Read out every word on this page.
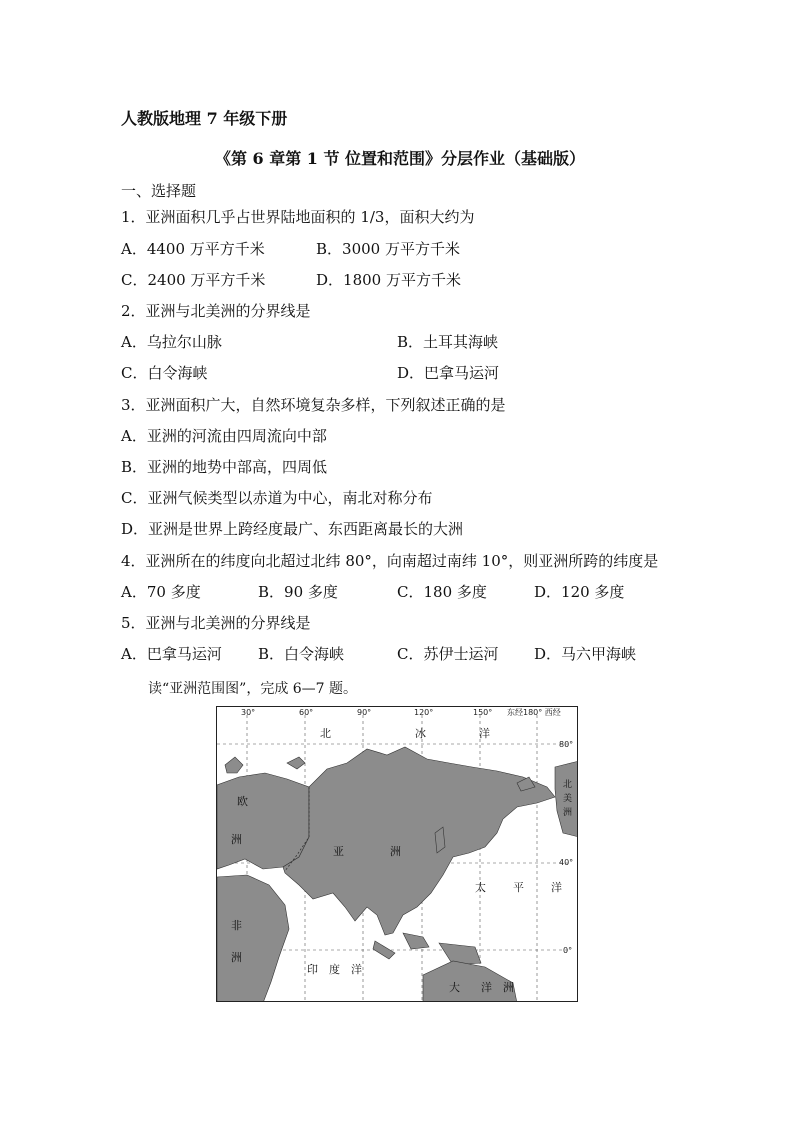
人教版地理 7 年级下册
《第 6 章第 1 节 位置和范围》分层作业（基础版）
一、选择题
1．亚洲面积几乎占世界陆地面积的 1/3，面积大约为
A．4400 万平方千米	B．3000 万平方千米
C．2400 万平方千米	D．1800 万平方千米
2．亚洲与北美洲的分界线是
A．乌拉尔山脉	B．土耳其海峡
C．白令海峡	D．巴拿马运河
3．亚洲面积广大，自然环境复杂多样，下列叙述正确的是
A．亚洲的河流由四周流向中部
B．亚洲的地势中部高，四周低
C．亚洲气候类型以赤道为中心，南北对称分布
D．亚洲是世界上跨经度最广、东西距离最长的大洲
4．亚洲所在的纬度向北超过北纬 80°，向南超过南纬 10°，则亚洲所跨的纬度是
A．70 多度	B．90 多度	C．180 多度	D．120 多度
5．亚洲与北美洲的分界线是
A．巴拿马运河 B．白令海峡	C．苏伊士运河 D．马六甲海峡
读“亚洲范围图”，完成 6—7 题。
30°	60°	90°	120°	150° 东经180° 西经
80°
40°
0°
北	冰	洋
欧
洲
亚	洲
太 平 洋
非
洲
印 度 洋
大 洋 洲
北
美
洲
